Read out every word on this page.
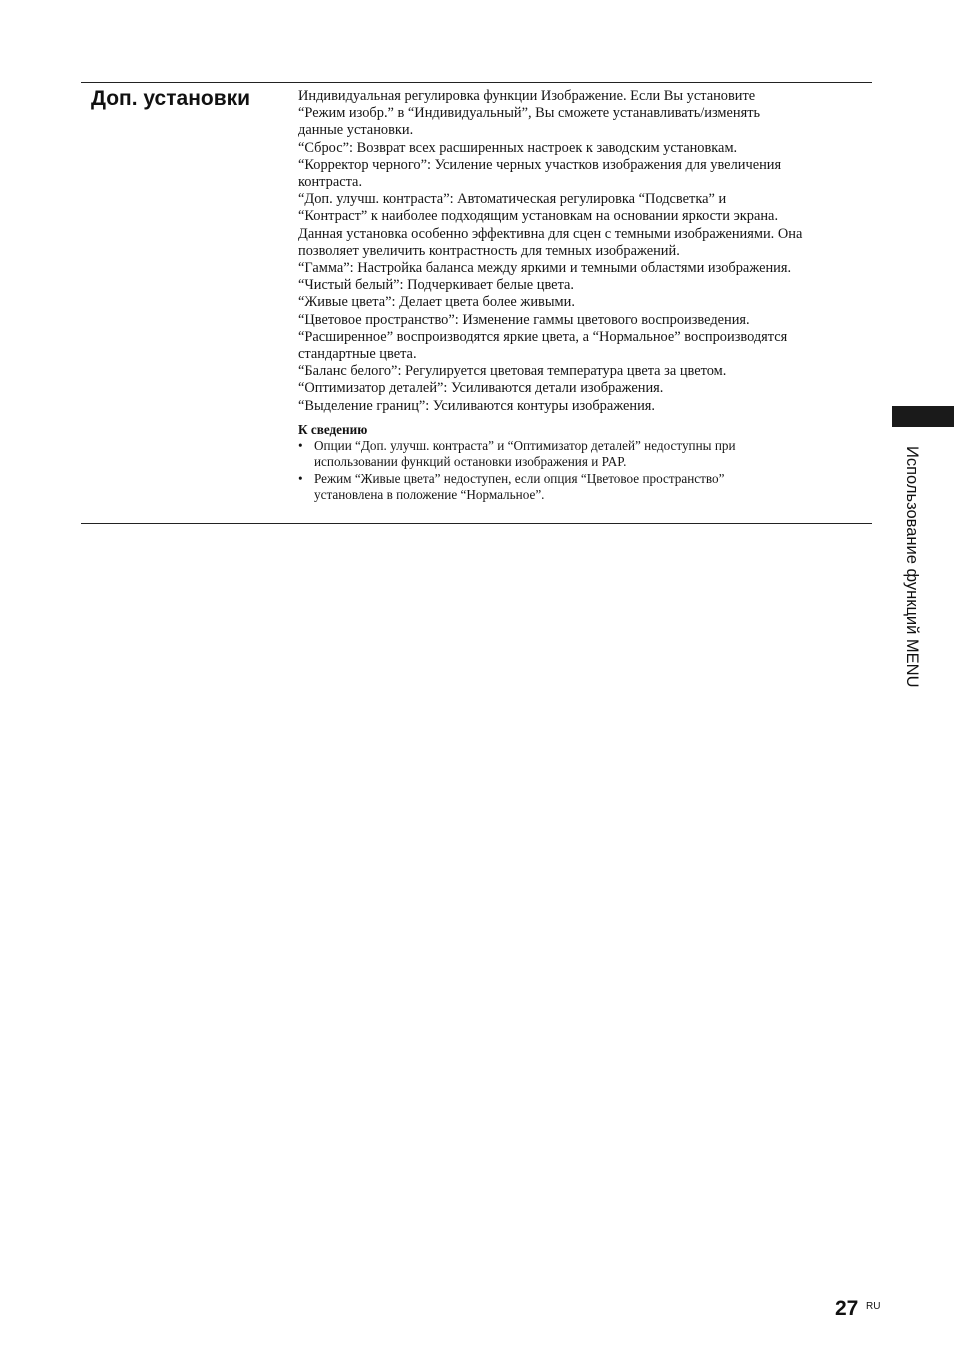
Доп. установки	Индивидуальная регулировка функции Изображение. Если Вы установите
“Режим изобр.” в “Индивидуальный”, Вы сможете устанавливать/изменять
данные установки.
“Сброс”: Возврат всех расширенных настроек к заводским установкам.
“Корректор черного”: Усиление черных участков изображения для увеличения
контраста.
“Доп. улучш. контраста”: Автоматическая регулировка “Подсветка” и
“Контраст” к наиболее подходящим установкам на основании яркости экрана.
Данная установка особенно эффективна для сцен с темными изображениями. Она
позволяет увеличить контрастность для темных изображений.
“Гамма”: Настройка баланса между яркими и темными областями изображения.
“Чистый белый”: Подчеркивает белые цвета.
“Живые цвета”: Делает цвета более живыми.
“Цветовое пространство”: Изменение гаммы цветового воспроизведения.
“Расширенное” воспроизводятся яркие цвета, а “Нормальное” воспроизводятся
стандартные цвета.
“Баланс белого”: Регулируется цветовая температура цвета за цветом.
“Оптимизатор деталей”: Усиливаются детали изображения.
“Выделение границ”: Усиливаются контуры изображения.
К сведению
• Опции “Доп. улучш. контраста” и “Оптимизатор деталей” недоступны при
использовании функций остановки изображения и PAP.
• Режим “Живые цвета” недоступен, если опция “Цветовое пространство”
установлена в положение “Нормальное”.	Использование функций MENU
27 RU
